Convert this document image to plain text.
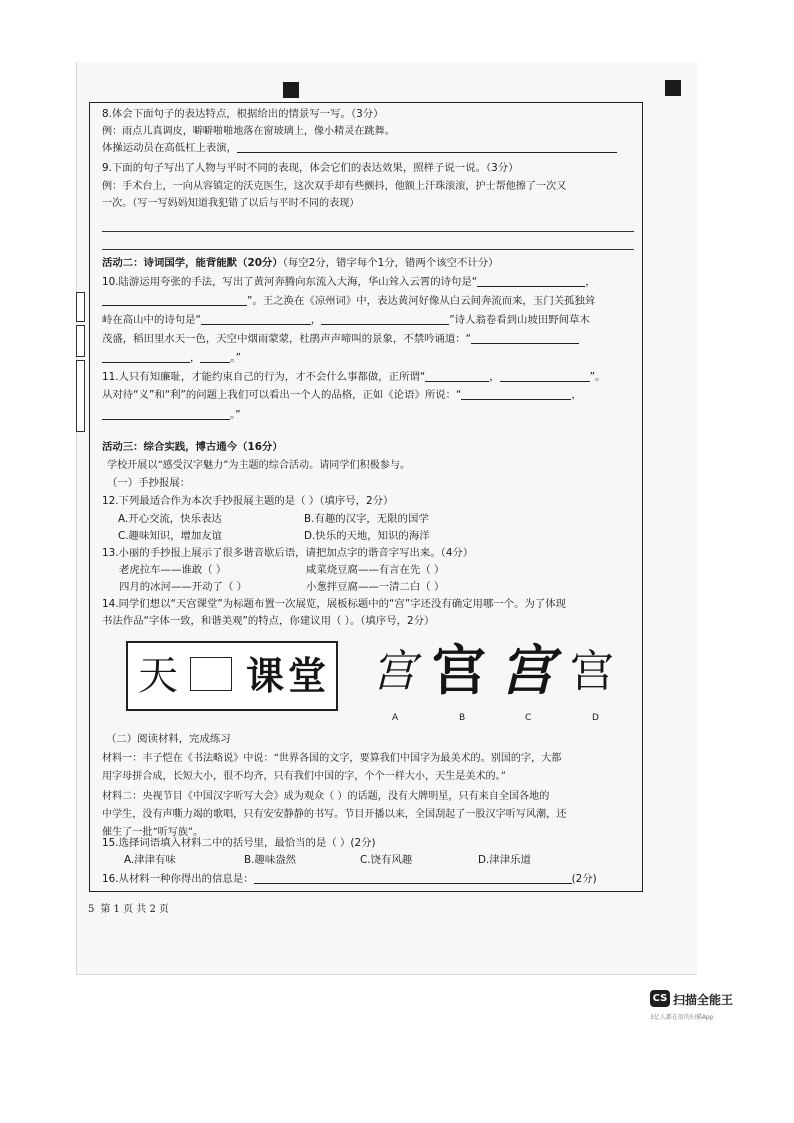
8.体会下面句子的表达特点，根据给出的情景写一写。（3分）
例：雨点儿真调皮，噼噼啪啪地落在窗玻璃上，像小精灵在跳舞。
体操运动员在高低杠上表演，
9.下面的句子写出了人物与平时不同的表现，体会它们的表达效果，照样子说一说。（3分）
例：手术台上，一向从容镇定的沃克医生，这次双手却有些颤抖，他额上汗珠滚滚，护士帮他擦了一次又
一次。（写一写妈妈知道我犯错了以后与平时不同的表现）
活动二：诗词国学，能背能默（20分）（每空2分，错字每个1分，错两个该空不计分）
10.陆游运用夸张的手法，写出了黄河奔腾向东流入大海，华山耸入云霄的诗句是“	，
”。王之涣在《凉州词》中，表达黄河好像从白云间奔流而来，玉门关孤独耸
峙在高山中的诗句是“	，	”诗人翁卷看到山坡田野间草木
茂盛，稻田里水天一色，天空中烟雨蒙蒙，杜鹃声声啼叫的景象，不禁吟诵道：“
，	。”
11.人只有知廉耻，才能约束自己的行为，才不会什么事都做，正所谓“	，	”。
从对待“义”和“利”的问题上我们可以看出一个人的品格，正如《论语》所说：“	，
。”
活动三：综合实践，博古通今（16分）
学校开展以“感受汉字魅力”为主题的综合活动。请同学们积极参与。
（一）手抄报展：
12.下列最适合作为本次手抄报展主题的是（ ）（填序号，2分）
A.开心交流，快乐表达	B.有趣的汉字，无限的国学
C.趣味知识，增加友谊	D.快乐的天地，知识的海洋
13.小丽的手抄报上展示了很多谐音歇后语，请把加点字的谐音字写出来。（4分）
老虎拉车——谁敢（ ）	咸菜烧豆腐——有言在先（ ）
四月的冰河——开动了（ ）	小葱拌豆腐——一清二白（ ）
14.同学们想以“天宫课堂”为标题布置一次展览，展板标题中的“宫”字还没有确定用哪一个。为了体现
书法作品“字体一致，和谐美观”的特点，你建议用（ ）。（填序号，2分）
天 课 堂 宫 宫 宫 宫
A	B	C	D
（二）阅读材料，完成练习
材料一：丰子恺在《书法略说》中说：“世界各国的文字，要算我们中国字为最美术的。别国的字，大都
用字母拼合成，长短大小，很不均齐，只有我们中国的字，个个一样大小，天生是美术的。”
材料二：央视节目《中国汉字听写大会》成为观众（ ）的话题，没有大牌明星，只有来自全国各地的
中学生，没有声嘶力竭的歌唱，只有安安静静的书写。节目开播以来，全国刮起了一股汉字听写风潮，还
催生了一批“听写族”。
15.选择词语填入材料二中的括号里，最恰当的是（ ）(2分)
A.津津有味	B.趣味盎然	C.饶有风趣	D.津津乐道
16.从材料一种你得出的信息是：	(2分)
5 第 1 页 共 2 页
CS 扫描全能王
3亿人都在用的扫描App
